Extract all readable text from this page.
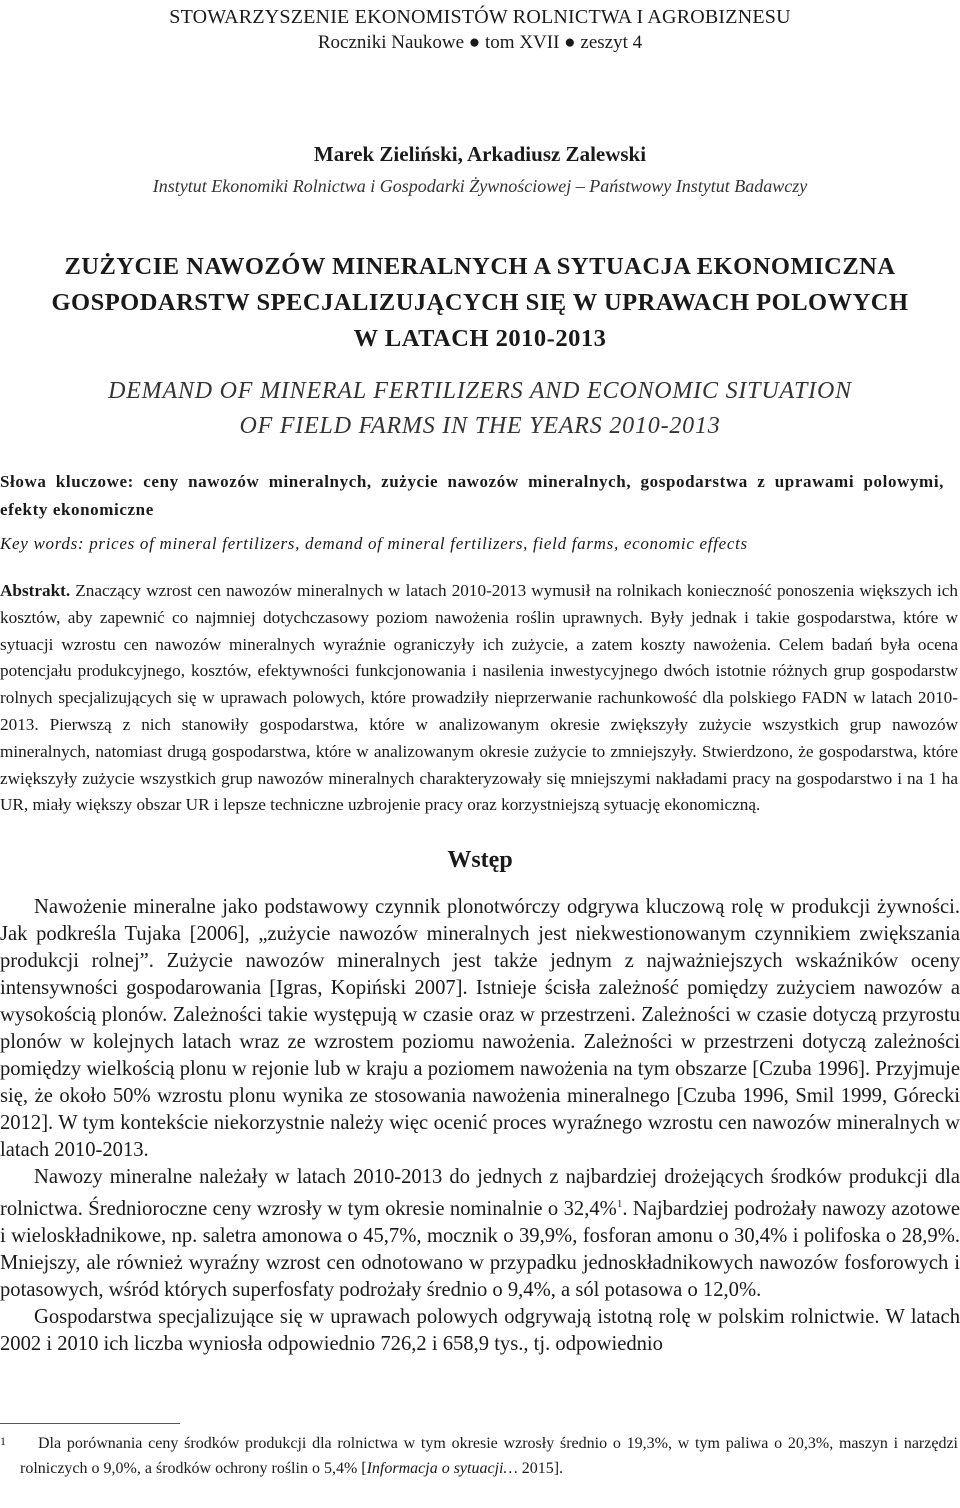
STOWARZYSZENIE EKONOMISTÓW ROLNICTWA I AGROBIZNESU
Roczniki Naukowe ● tom XVII ● zeszyt 4
Marek Zieliński, Arkadiusz Zalewski
Instytut Ekonomiki Rolnictwa i Gospodarki Żywnościowej – Państwowy Instytut Badawczy
ZUŻYCIE NAWOZÓW MINERALNYCH A SYTUACJA EKONOMICZNA
GOSPODARSTW SPECJALIZUJĄCYCH SIĘ W UPRAWACH POLOWYCH
W LATACH 2010-2013
DEMAND OF MINERAL FERTILIZERS AND ECONOMIC SITUATION
OF FIELD FARMS IN THE YEARS 2010-2013
Słowa kluczowe: ceny nawozów mineralnych, zużycie nawozów mineralnych, gospodarstwa z uprawami polowymi, efekty ekonomiczne
Key words: prices of mineral fertilizers, demand of mineral fertilizers, field farms, economic effects
Abstrakt. Znaczący wzrost cen nawozów mineralnych w latach 2010-2013 wymusił na rolnikach konieczność ponoszenia większych ich kosztów, aby zapewnić co najmniej dotychczasowy poziom nawożenia roślin uprawnych. Były jednak i takie gospodarstwa, które w sytuacji wzrostu cen nawozów mineralnych wyraźnie ograniczyły ich zużycie, a zatem koszty nawożenia. Celem badań była ocena potencjału produkcyjnego, kosztów, efektywności funkcjonowania i nasilenia inwestycyjnego dwóch istotnie różnych grup gospodarstw rolnych specjalizujących się w uprawach polowych, które prowadziły nieprzerwanie rachunkowość dla polskiego FADN w latach 2010-2013. Pierwszą z nich stanowiły gospodarstwa, które w analizowanym okresie zwiększyły zużycie wszystkich grup nawozów mineralnych, natomiast drugą gospodarstwa, które w analizowanym okresie zużycie to zmniejszyły. Stwierdzono, że gospodarstwa, które zwiększyły zużycie wszystkich grup nawozów mineralnych charakteryzowały się mniejszymi nakładami pracy na gospodarstwo i na 1 ha UR, miały większy obszar UR i lepsze techniczne uzbrojenie pracy oraz korzystniejszą sytuację ekonomiczną.
Wstęp

Nawożenie mineralne jako podstawowy czynnik plonotwórczy odgrywa kluczową rolę w produkcji żywności. Jak podkreśla Tujaka [2006], „zużycie nawozów mineralnych jest niekwestionowanym czynnikiem zwiększania produkcji rolnej”. Zużycie nawozów mineralnych jest także jednym z najważniejszych wskaźników oceny intensywności gospodarowania [Igras, Kopiński 2007]. Istnieje ścisła zależność pomiędzy zużyciem nawozów a wysokością plonów. Zależności takie występują w czasie oraz w przestrzeni. Zależności w czasie dotyczą przyrostu plonów w kolejnych latach wraz ze wzrostem poziomu nawożenia. Zależności w przestrzeni dotyczą zależności pomiędzy wielkością plonu w rejonie lub w kraju a poziomem nawożenia na tym obszarze [Czuba 1996]. Przyjmuje się, że około 50% wzrostu plonu wynika ze stosowania nawożenia mineralnego [Czuba 1996, Smil 1999, Górecki 2012]. W tym kontekście niekorzystnie należy więc ocenić proces wyraźnego wzrostu cen nawozów mineralnych w latach 2010-2013.

Nawozy mineralne należały w latach 2010-2013 do jednych z najbardziej drożejących środków produkcji dla rolnictwa. Średnioroczne ceny wzrosły w tym okresie nominalnie o 32,4%$^1$. Najbardziej podrożały nawozy azotowe i wieloskładnikowe, np. saletra amonowa o 45,7%, mocznik o 39,9%, fosforan amonu o 30,4% i polifoska o 28,9%. Mniejszy, ale również wyraźny wzrost cen odnotowano w przypadku jednoskładnikowych nawozów fosforowych i potasowych, wśród których superfosfaty podrożały średnio o 9,4%, a sól potasowa o 12,0%.

Gospodarstwa specjalizujące się w uprawach polowych odgrywają istotną rolę w polskim rolnictwie. W latach 2002 i 2010 ich liczba wyniosła odpowiednio 726,2 i 658,9 tys., tj. odpowiednio

1	Dla porównania ceny środków produkcji dla rolnictwa w tym okresie wzrosły średnio o 19,3%, w tym paliwa o 20,3%, maszyn i narzędzi rolniczych o 9,0%, a środków ochrony roślin o 5,4% [Informacja o sytuacji… 2015].
